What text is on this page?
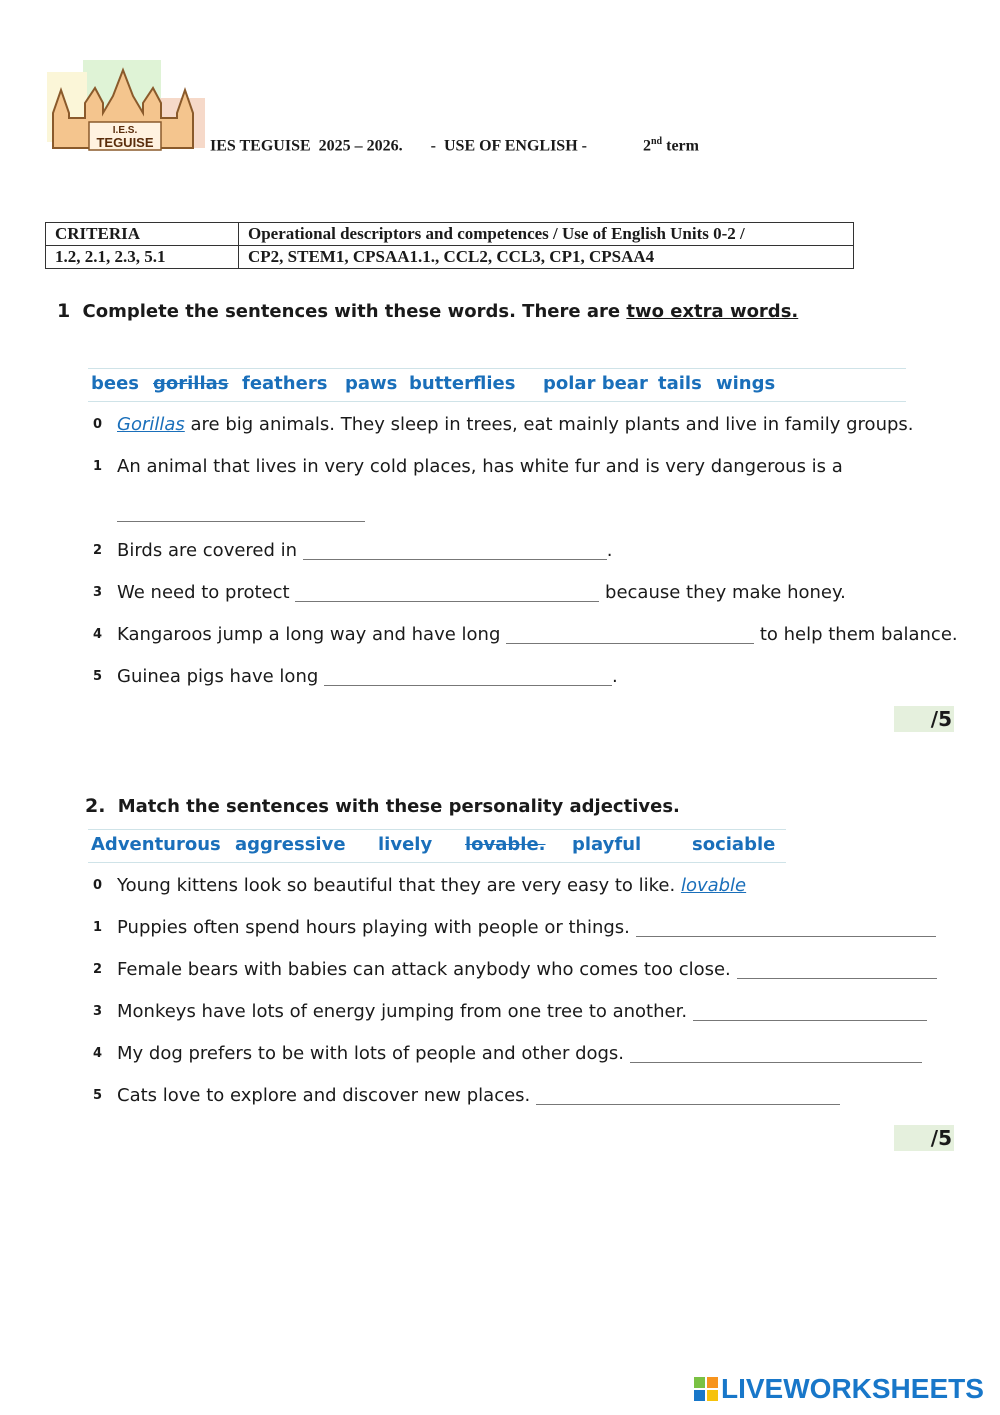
I.E.S.
TEGUISE	IES TEGUISE  2025 – 2026. -  USE OF ENGLISH -	2nd term
CRITERIA	Operational descriptors and competences / Use of English Units 0-2 /
1.2, 2.1, 2.3, 5.1	CP2, STEM1, CPSAA1.1., CCL2, CCL3, CP1, CPSAA4
1 Complete the sentences with these words. There are two extra words.
bees gorillas feathers paws butterflies polar bear tails wings
0 Gorillas are big animals. They sleep in trees, eat mainly plants and live in family groups.
1 An animal that lives in very cold places, has white fur and is very dangerous is a
2 Birds are covered in	.
3 We need to protect	because they make honey.
4 Kangaroos jump a long way and have long	to help them balance.
5 Guinea pigs have long	.
/5
2. Match the sentences with these personality adjectives.
Adventurous aggressive lively lovable. playful	sociable
0 Young kittens look so beautiful that they are very easy to like. lovable
1 Puppies often spend hours playing with people or things.
2 Female bears with babies can attack anybody who comes too close.
3 Monkeys have lots of energy jumping from one tree to another.
4 My dog prefers to be with lots of people and other dogs.
5 Cats love to explore and discover new places.
/5
LIVEWORKSHEETS
